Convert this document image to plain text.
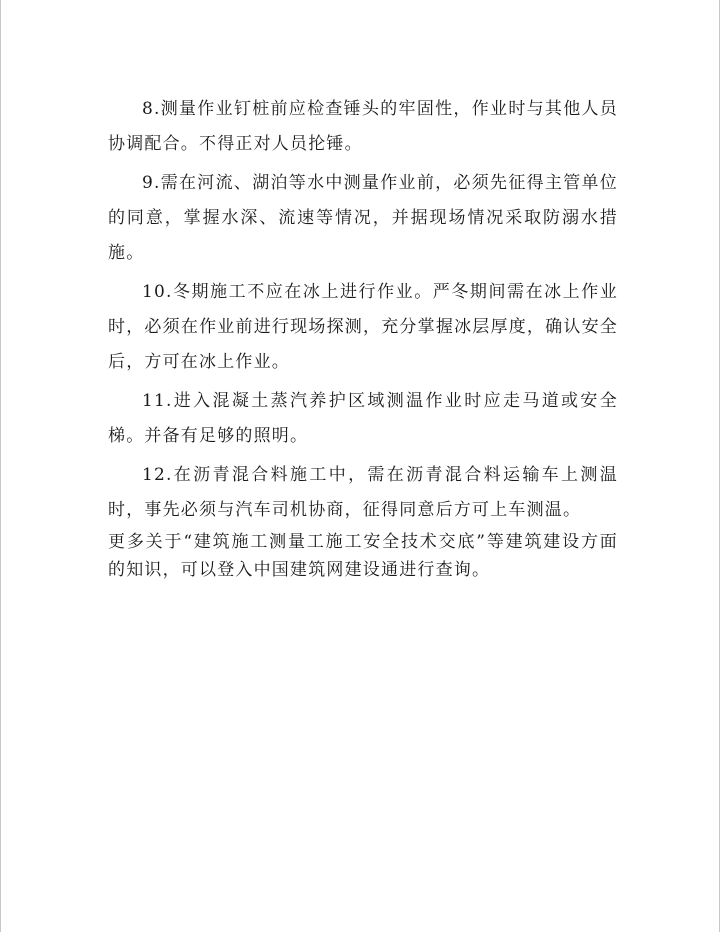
8.测量作业钉桩前应检查锤头的牢固性，作业时与其他人员协调配合。不得正对人员抡锤。

9.需在河流、湖泊等水中测量作业前，必须先征得主管单位的同意，掌握水深、流速等情况，并据现场情况采取防溺水措施。

10.冬期施工不应在冰上进行作业。严冬期间需在冰上作业时，必须在作业前进行现场探测，充分掌握冰层厚度，确认安全后，方可在冰上作业。

11.进入混凝土蒸汽养护区域测温作业时应走马道或安全梯。并备有足够的照明。

12.在沥青混合料施工中，需在沥青混合料运输车上测温时，事先必须与汽车司机协商，征得同意后方可上车测温。

更多关于“建筑施工测量工施工安全技术交底”等建筑建设方面的知识，可以登入中国建筑网建设通进行查询。
